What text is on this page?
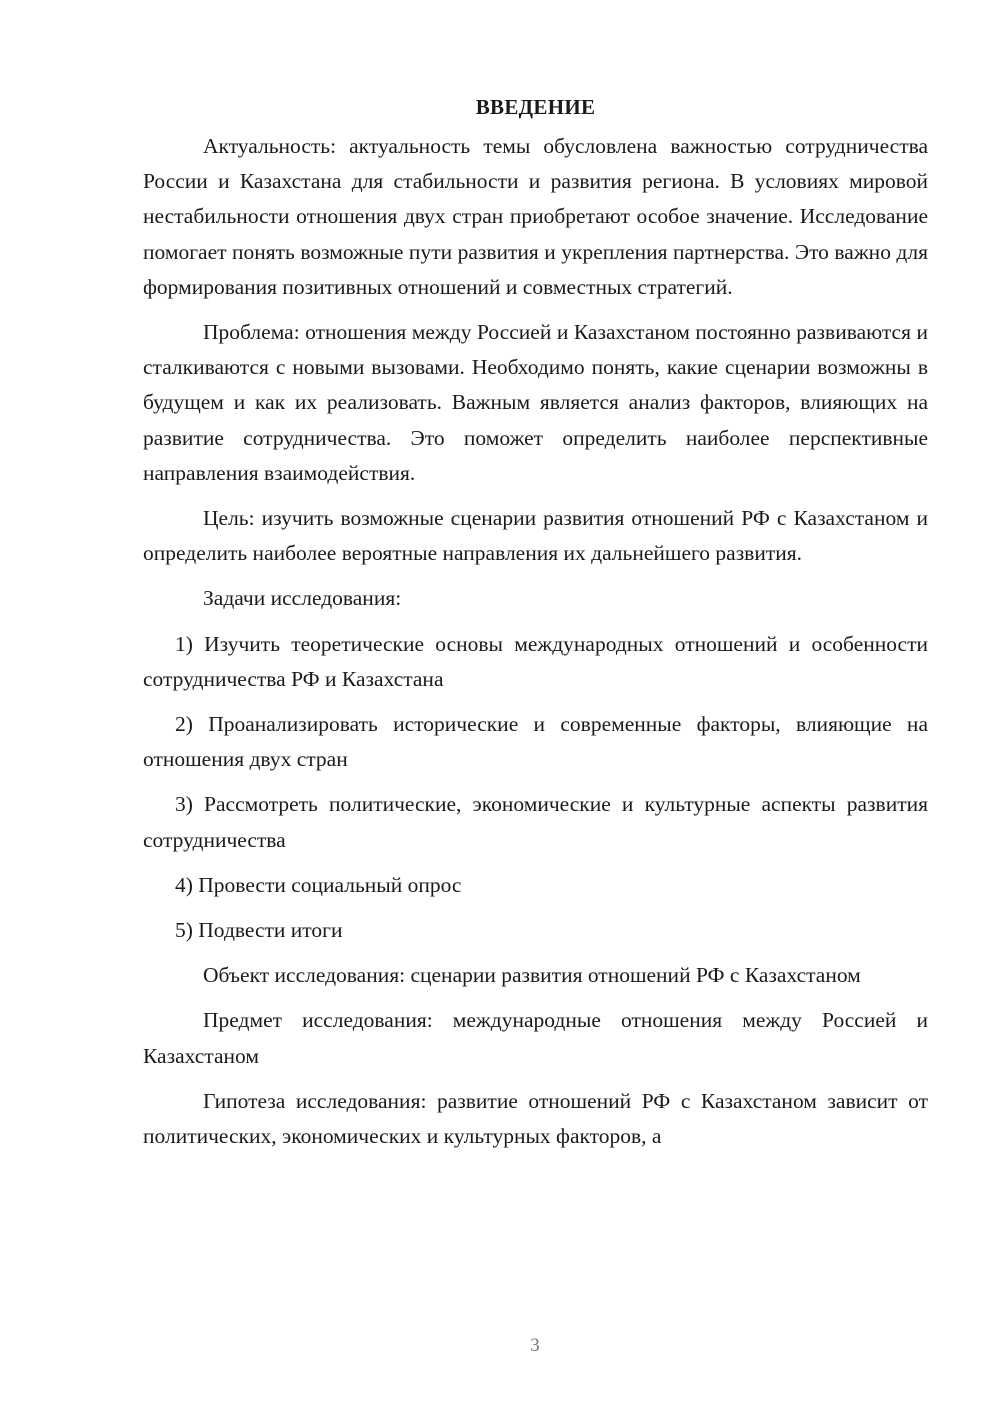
ВВЕДЕНИЕ

Актуальность: актуальность темы обусловлена важностью сотрудничества России и Казахстана для стабильности и развития региона. В условиях мировой нестабильности отношения двух стран приобретают особое значение. Исследование помогает понять возможные пути развития и укрепления партнерства. Это важно для формирования позитивных отношений и совместных стратегий.

Проблема: отношения между Россией и Казахстаном постоянно развиваются и сталкиваются с новыми вызовами. Необходимо понять, какие сценарии возможны в будущем и как их реализовать. Важным является анализ факторов, влияющих на развитие сотрудничества. Это поможет определить наиболее перспективные направления взаимодействия.

Цель: изучить возможные сценарии развития отношений РФ с Казахстаном и определить наиболее вероятные направления их дальнейшего развития.

Задачи исследования:

1) Изучить теоретические основы международных отношений и особенности сотрудничества РФ и Казахстана

2) Проанализировать исторические и современные факторы, влияющие на отношения двух стран

3) Рассмотреть политические, экономические и культурные аспекты развития сотрудничества

4) Провести социальный опрос

5) Подвести итоги

Объект исследования: сценарии развития отношений РФ с Казахстаном

Предмет исследования: международные отношения между Россией и Казахстаном

Гипотеза исследования: развитие отношений РФ с Казахстаном зависит от политических, экономических и культурных факторов, а

3
